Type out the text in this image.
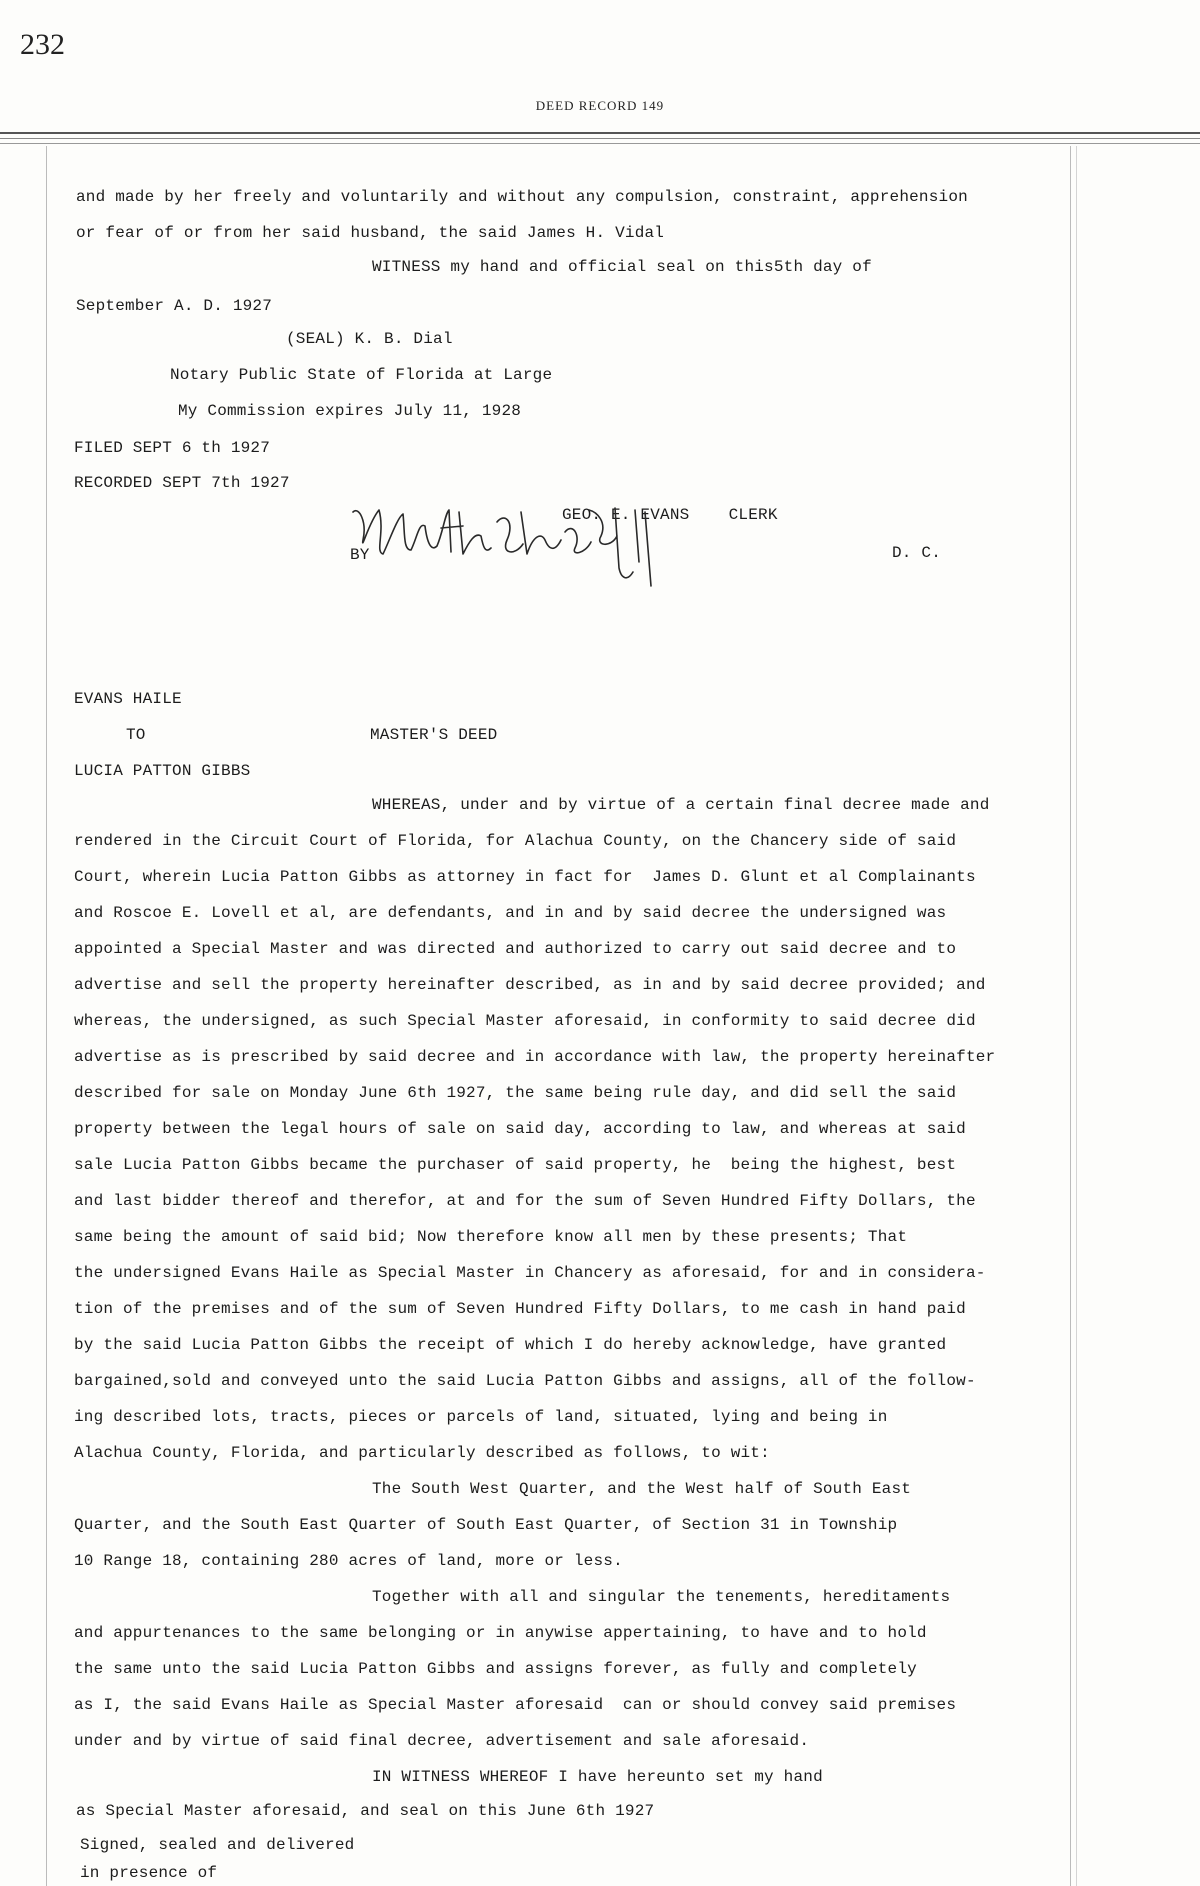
232
DEED RECORD 149
and made by her freely and voluntarily and without any compulsion, constraint, apprehension
or fear of or from her said husband, the said James H. Vidal
WITNESS my hand and official seal on this5th day of
September A. D. 1927
(SEAL) K. B. Dial
Notary Public State of Florida at Large
My Commission expires July 11, 1928
FILED SEPT 6 th 1927
RECORDED SEPT 7th 1927
GEO. E. EVANS    CLERK
BY	D. C.
EVANS HAILE
TO	MASTER'S DEED
LUCIA PATTON GIBBS
WHEREAS, under and by virtue of a certain final decree made and
rendered in the Circuit Court of Florida, for Alachua County, on the Chancery side of said
Court, wherein Lucia Patton Gibbs as attorney in fact for  James D. Glunt et al Complainants
and Roscoe E. Lovell et al, are defendants, and in and by said decree the undersigned was
appointed a Special Master and was directed and authorized to carry out said decree and to
advertise and sell the property hereinafter described, as in and by said decree provided; and
whereas, the undersigned, as such Special Master aforesaid, in conformity to said decree did
advertise as is prescribed by said decree and in accordance with law, the property hereinafter
described for sale on Monday June 6th 1927, the same being rule day, and did sell the said
property between the legal hours of sale on said day, according to law, and whereas at said
sale Lucia Patton Gibbs became the purchaser of said property, he  being the highest, best
and last bidder thereof and therefor, at and for the sum of Seven Hundred Fifty Dollars, the
same being the amount of said bid; Now therefore know all men by these presents; That
the undersigned Evans Haile as Special Master in Chancery as aforesaid, for and in considera-
tion of the premises and of the sum of Seven Hundred Fifty Dollars, to me cash in hand paid
by the said Lucia Patton Gibbs the receipt of which I do hereby acknowledge, have granted
bargained,sold and conveyed unto the said Lucia Patton Gibbs and assigns, all of the follow-
ing described lots, tracts, pieces or parcels of land, situated, lying and being in
Alachua County, Florida, and particularly described as follows, to wit:
The South West Quarter, and the West half of South East
Quarter, and the South East Quarter of South East Quarter, of Section 31 in Township
10 Range 18, containing 280 acres of land, more or less.
Together with all and singular the tenements, hereditaments
and appurtenances to the same belonging or in anywise appertaining, to have and to hold
the same unto the said Lucia Patton Gibbs and assigns forever, as fully and completely
as I, the said Evans Haile as Special Master aforesaid  can or should convey said premises
under and by virtue of said final decree, advertisement and sale aforesaid.
IN WITNESS WHEREOF I have hereunto set my hand
as Special Master aforesaid, and seal on this June 6th 1927
Signed, sealed and delivered
in presence of
